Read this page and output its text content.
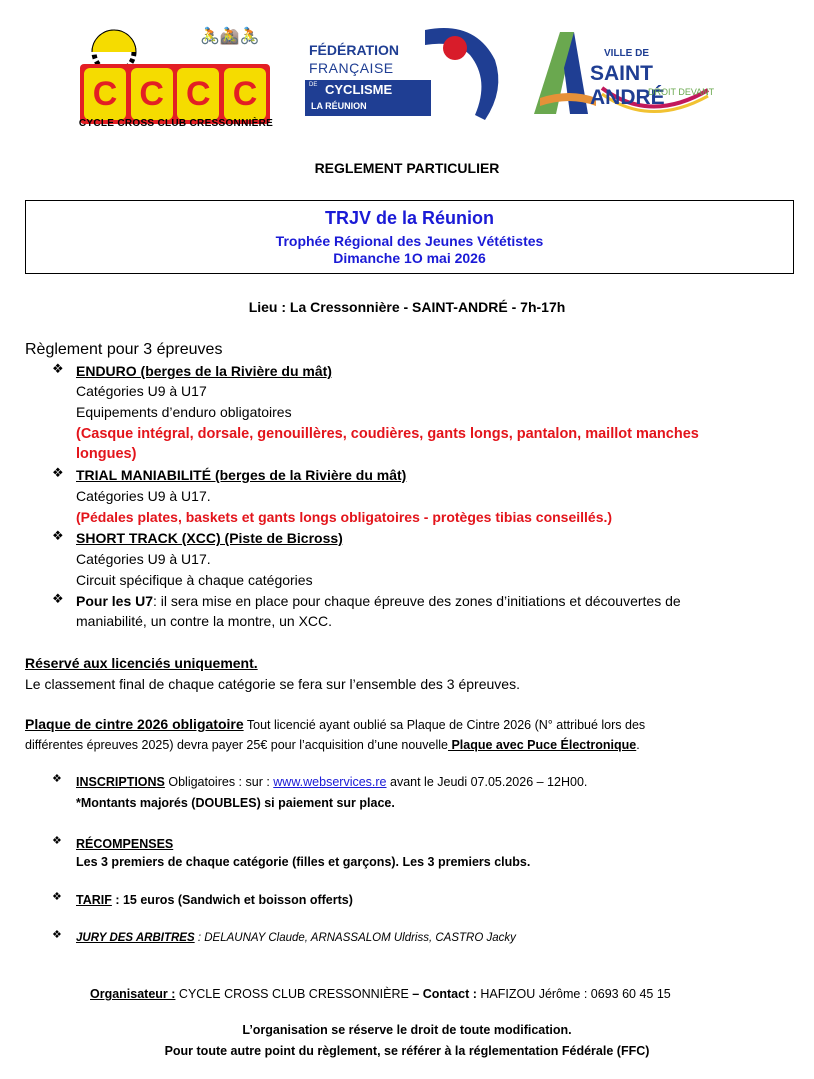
🚴🚵🚴
C C C C
CYCLE CROSS CLUB CRESSONNIÈRE
FÉDÉRATION
FRANÇAISE
DE CYCLISME
LA RÉUNION
VILLE DE
SAINT ANDRÉ
DROIT DEVANT
REGLEMENT PARTICULIER
TRJV de la Réunion
Trophée Régional des Jeunes Vététistes
Dimanche 1O mai 2026
Lieu : La Cressonnière - SAINT-ANDRÉ - 7h-17h
Règlement pour 3 épreuves
❖ ENDURO (berges de la Rivière du mât)
Catégories U9 à U17
Equipements d’enduro obligatoires
(Casque intégral, dorsale, genouillères, coudières, gants longs, pantalon, maillot manches
longues)
❖ TRIAL MANIABILITÉ (berges de la Rivière du mât)
Catégories U9 à U17.
(Pédales plates, baskets et gants longs obligatoires - protèges tibias conseillés.)
❖ SHORT TRACK (XCC) (Piste de Bicross)
Catégories U9 à U17.
Circuit spécifique à chaque catégories
❖ Pour les U7: il sera mise en place pour chaque épreuve des zones d’initiations et découvertes de
maniabilité, un contre la montre, un XCC.
Réservé aux licenciés uniquement.
Le classement final de chaque catégorie se fera sur l’ensemble des 3 épreuves.
Plaque de cintre 2026 obligatoire Tout licencié ayant oublié sa Plaque de Cintre 2026 (N° attribué lors des
différentes épreuves 2025) devra payer 25€ pour l’acquisition d’une nouvelle Plaque avec Puce Électronique.
❖ INSCRIPTIONS Obligatoires : sur : www.webservices.re avant le Jeudi 07.05.2026 – 12H00.
*Montants majorés (DOUBLES) si paiement sur place.
❖ RÉCOMPENSES
Les 3 premiers de chaque catégorie (filles et garçons). Les 3 premiers clubs.
❖ TARIF : 15 euros (Sandwich et boisson offerts)
❖ JURY DES ARBITRES : DELAUNAY Claude, ARNASSALOM Uldriss, CASTRO Jacky
Organisateur : CYCLE CROSS CLUB CRESSONNIÈRE – Contact : HAFIZOU Jérôme : 0693 60 45 15
L’organisation se réserve le droit de toute modification.
Pour toute autre point du règlement, se référer à la réglementation Fédérale (FFC)
